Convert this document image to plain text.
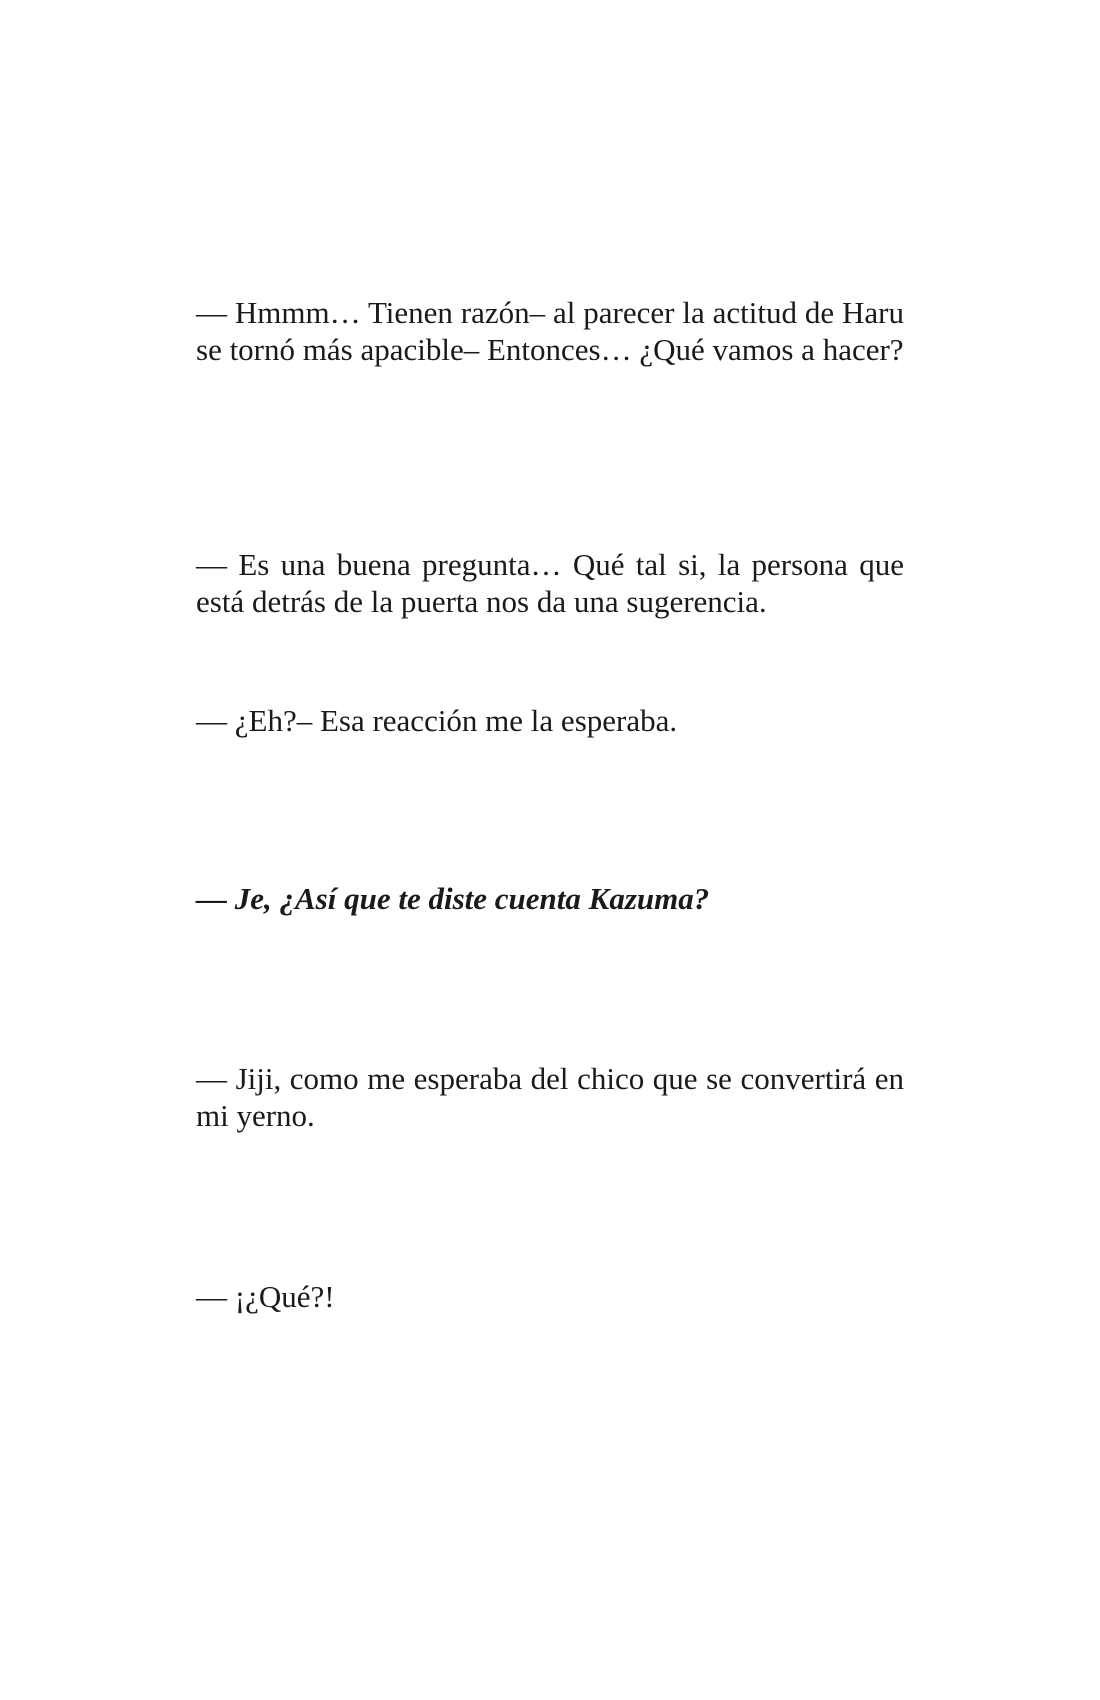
— Hmmm… Tienen razón– al parecer la actitud de Haru se tornó más apacible– Entonces… ¿Qué vamos a hacer?

— Es una buena pregunta… Qué tal si, la persona que está detrás de la puerta nos da una sugerencia.

— ¿Eh?– Esa reacción me la esperaba.

— Je, ¿Así que te diste cuenta Kazuma?

— Jiji, como me esperaba del chico que se convertirá en mi yerno.

— ¡¿Qué?!
